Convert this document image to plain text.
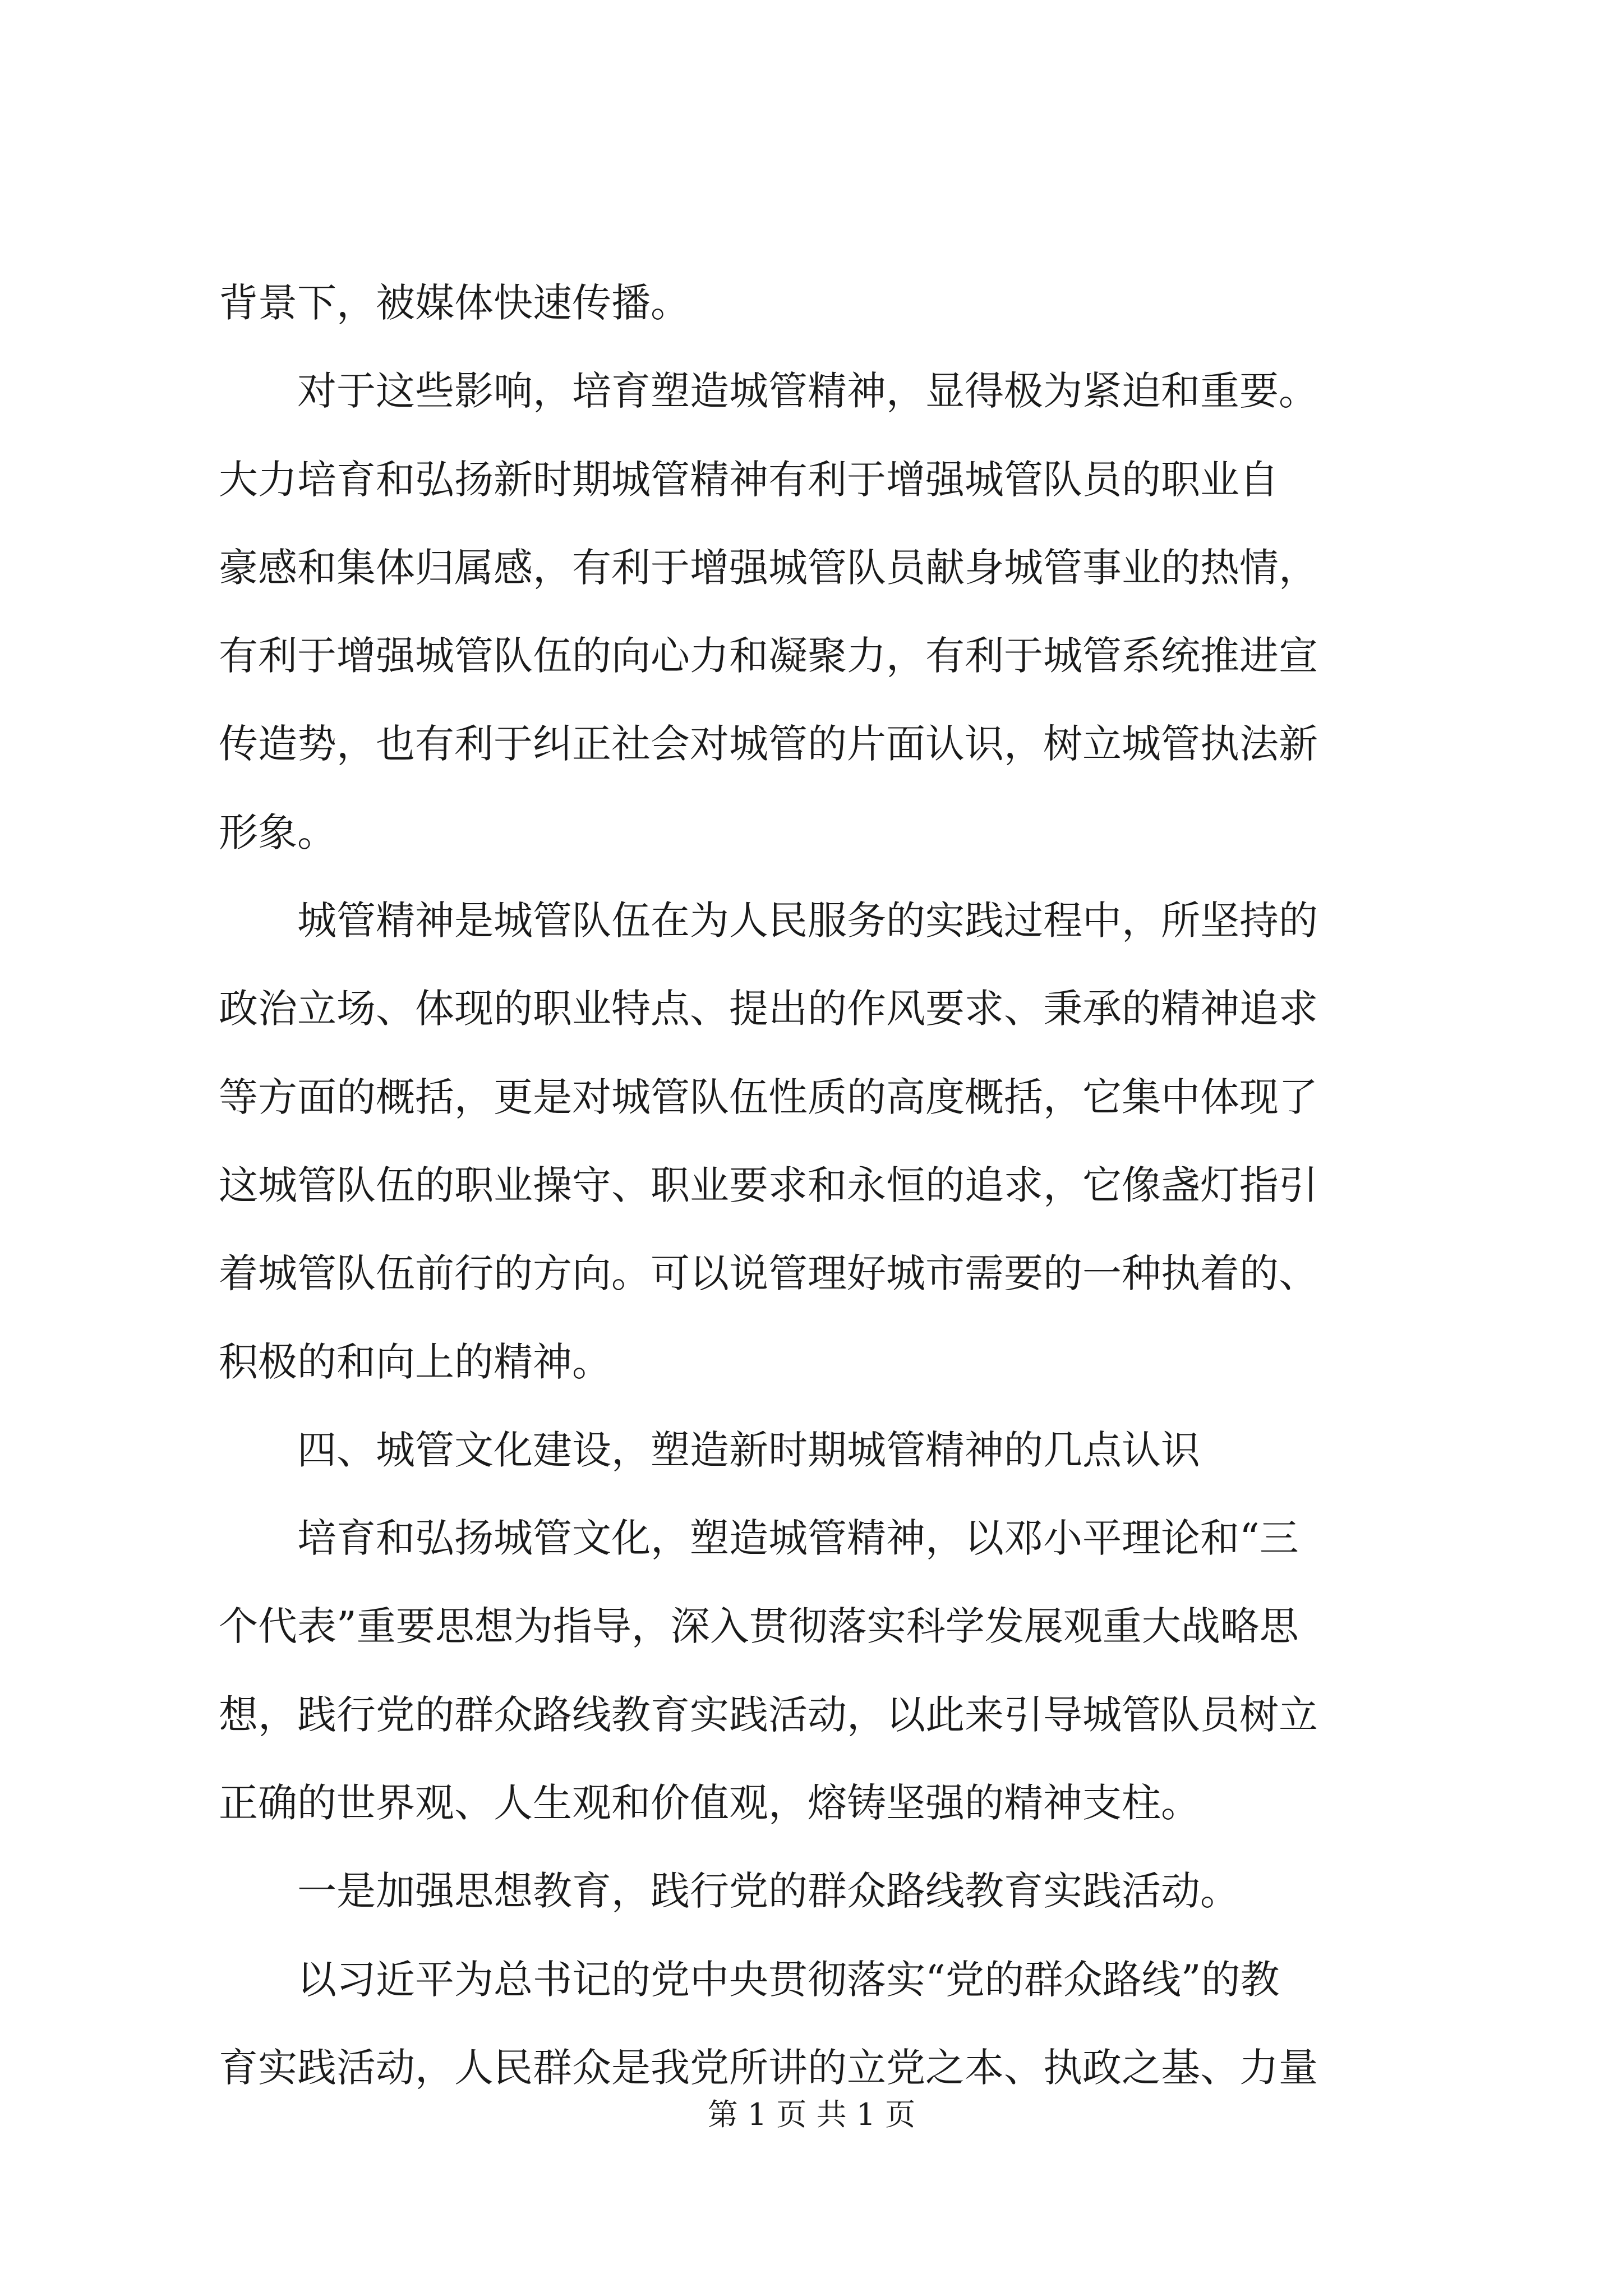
背景下，被媒体快速传播。
　　对于这些影响，培育塑造城管精神，显得极为紧迫和重要。
大力培育和弘扬新时期城管精神有利于增强城管队员的职业自
豪感和集体归属感，有利于增强城管队员献身城管事业的热情，
有利于增强城管队伍的向心力和凝聚力，有利于城管系统推进宣
传造势，也有利于纠正社会对城管的片面认识，树立城管执法新
形象。
　　城管精神是城管队伍在为人民服务的实践过程中，所坚持的
政治立场、体现的职业特点、提出的作风要求、秉承的精神追求
等方面的概括，更是对城管队伍性质的高度概括，它集中体现了
这城管队伍的职业操守、职业要求和永恒的追求，它像盏灯指引
着城管队伍前行的方向。可以说管理好城市需要的一种执着的、
积极的和向上的精神。
　　四、城管文化建设，塑造新时期城管精神的几点认识
　　培育和弘扬城管文化，塑造城管精神，以邓小平理论和“三
个代表”重要思想为指导，深入贯彻落实科学发展观重大战略思
想，践行党的群众路线教育实践活动，以此来引导城管队员树立
正确的世界观、人生观和价值观，熔铸坚强的精神支柱。
　　一是加强思想教育，践行党的群众路线教育实践活动。
　　以习近平为总书记的党中央贯彻落实“党的群众路线”的教
育实践活动，人民群众是我党所讲的立党之本、执政之基、力量
第 1 页 共 1 页
